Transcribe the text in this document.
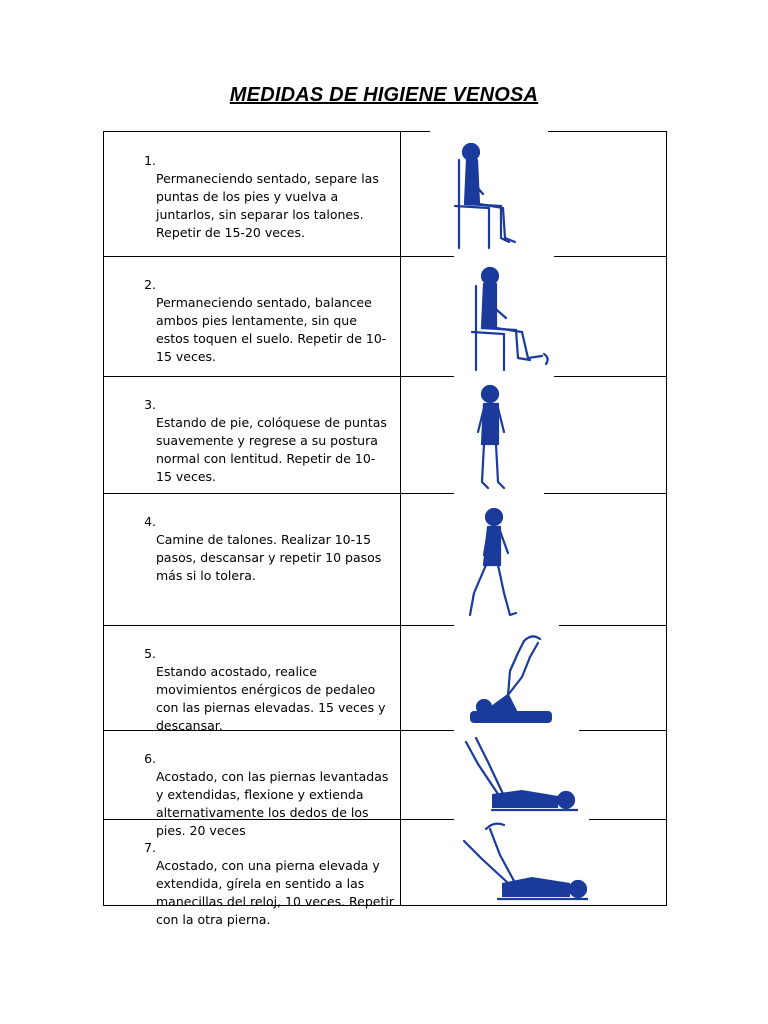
MEDIDAS DE HIGIENE VENOSA

1.

Permaneciendo sentado, separe las
puntas de los pies y vuelva a
juntarlos, sin separar los talones.
Repetir de 15-20 veces.

2.

Permaneciendo sentado, balancee
ambos pies lentamente, sin que
estos toquen el suelo. Repetir de 10-
15 veces.

3.

Estando de pie, colóquese de puntas
suavemente y regrese a su postura
normal con lentitud. Repetir de 10-
15 veces.

4.

Camine de talones. Realizar 10-15
pasos, descansar y repetir 10 pasos
más si lo tolera.

5.

Estando acostado, realice
movimientos enérgicos de pedaleo
con las piernas elevadas. 15 veces y
descansar.

6.

Acostado, con las piernas levantadas
y extendidas, flexione y extienda
alternativamente los dedos de los
pies. 20 veces

7.

Acostado, con una pierna elevada y
extendida, gírela en sentido a las
manecillas del reloj, 10 veces. Repetir
con la otra pierna.
